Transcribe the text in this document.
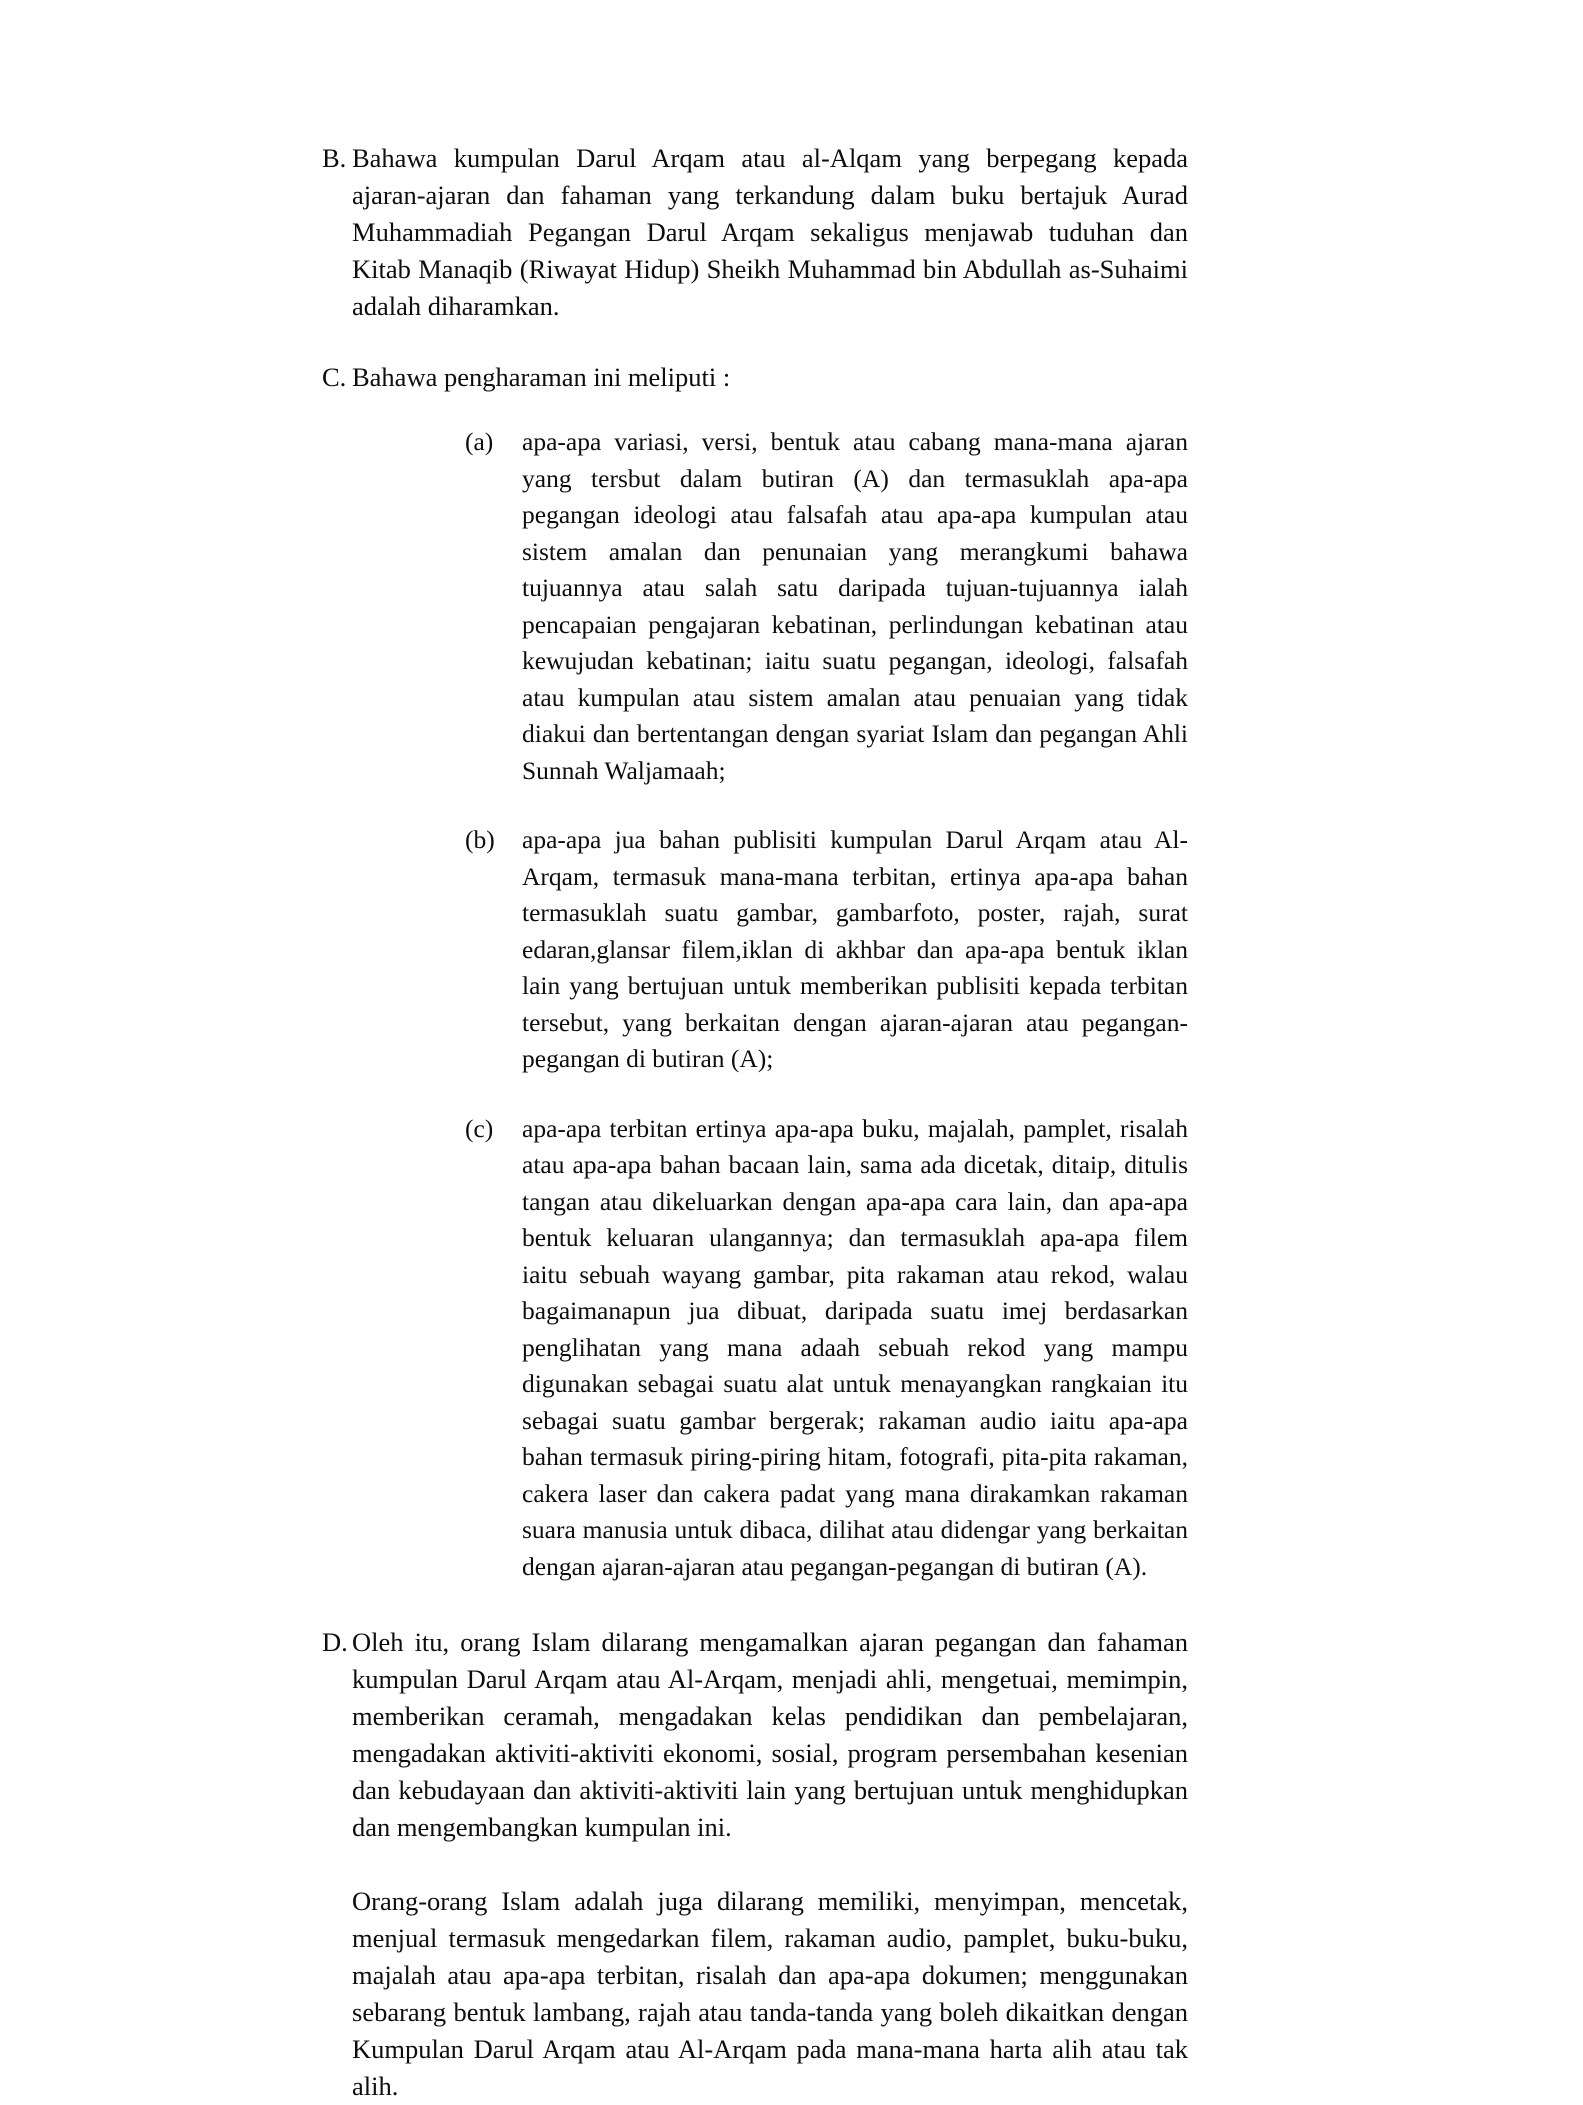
B. Bahawa kumpulan Darul Arqam atau al-Alqam yang berpegang kepada ajaran-ajaran dan fahaman yang terkandung dalam buku bertajuk Aurad Muhammadiah Pegangan Darul Arqam sekaligus menjawab tuduhan dan Kitab Manaqib (Riwayat Hidup) Sheikh Muhammad bin Abdullah as-Suhaimi adalah diharamkan.

C. Bahawa pengharaman ini meliputi :

(a)	apa-apa variasi, versi, bentuk atau cabang mana-mana ajaran yang tersbut dalam butiran (A) dan termasuklah apa-apa pegangan ideologi atau falsafah atau apa-apa kumpulan atau sistem amalan dan penunaian yang merangkumi bahawa tujuannya atau salah satu daripada tujuan-tujuannya ialah pencapaian pengajaran kebatinan, perlindungan kebatinan atau kewujudan kebatinan; iaitu suatu pegangan, ideologi, falsafah atau kumpulan atau sistem amalan atau penuaian yang tidak diakui dan bertentangan dengan syariat Islam dan pegangan Ahli Sunnah Waljamaah;

(b)	apa-apa jua bahan publisiti kumpulan Darul Arqam atau Al-Arqam, termasuk mana-mana terbitan, ertinya apa-apa bahan termasuklah suatu gambar, gambarfoto, poster, rajah, surat edaran,glansar filem,iklan di akhbar dan apa-apa bentuk iklan lain yang bertujuan untuk memberikan publisiti kepada terbitan tersebut, yang berkaitan dengan ajaran-ajaran atau pegangan-pegangan di butiran (A);

(c)	apa-apa terbitan ertinya apa-apa buku, majalah, pamplet, risalah atau apa-apa bahan bacaan lain, sama ada dicetak, ditaip, ditulis tangan atau dikeluarkan dengan apa-apa cara lain, dan apa-apa bentuk keluaran ulangannya; dan termasuklah apa-apa filem iaitu sebuah wayang gambar, pita rakaman atau rekod, walau bagaimanapun jua dibuat, daripada suatu imej berdasarkan penglihatan yang mana adaah sebuah rekod yang mampu digunakan sebagai suatu alat untuk menayangkan rangkaian itu sebagai suatu gambar bergerak; rakaman audio iaitu apa-apa bahan termasuk piring-piring hitam, fotografi, pita-pita rakaman, cakera laser dan cakera padat yang mana dirakamkan rakaman suara manusia untuk dibaca, dilihat atau didengar yang berkaitan dengan ajaran-ajaran atau pegangan-pegangan di butiran (A).

D. Oleh itu, orang Islam dilarang mengamalkan ajaran pegangan dan fahaman kumpulan Darul Arqam atau Al-Arqam, menjadi ahli, mengetuai, memimpin, memberikan ceramah, mengadakan kelas pendidikan dan pembelajaran, mengadakan aktiviti-aktiviti ekonomi, sosial, program persembahan kesenian dan kebudayaan dan aktiviti-aktiviti lain yang bertujuan untuk menghidupkan dan mengembangkan kumpulan ini.

Orang-orang Islam adalah juga dilarang memiliki, menyimpan, mencetak, menjual termasuk mengedarkan filem, rakaman audio, pamplet, buku-buku, majalah atau apa-apa terbitan, risalah dan apa-apa dokumen; menggunakan sebarang bentuk lambang, rajah atau tanda-tanda yang boleh dikaitkan dengan Kumpulan Darul Arqam atau Al-Arqam pada mana-mana harta alih atau tak alih.
